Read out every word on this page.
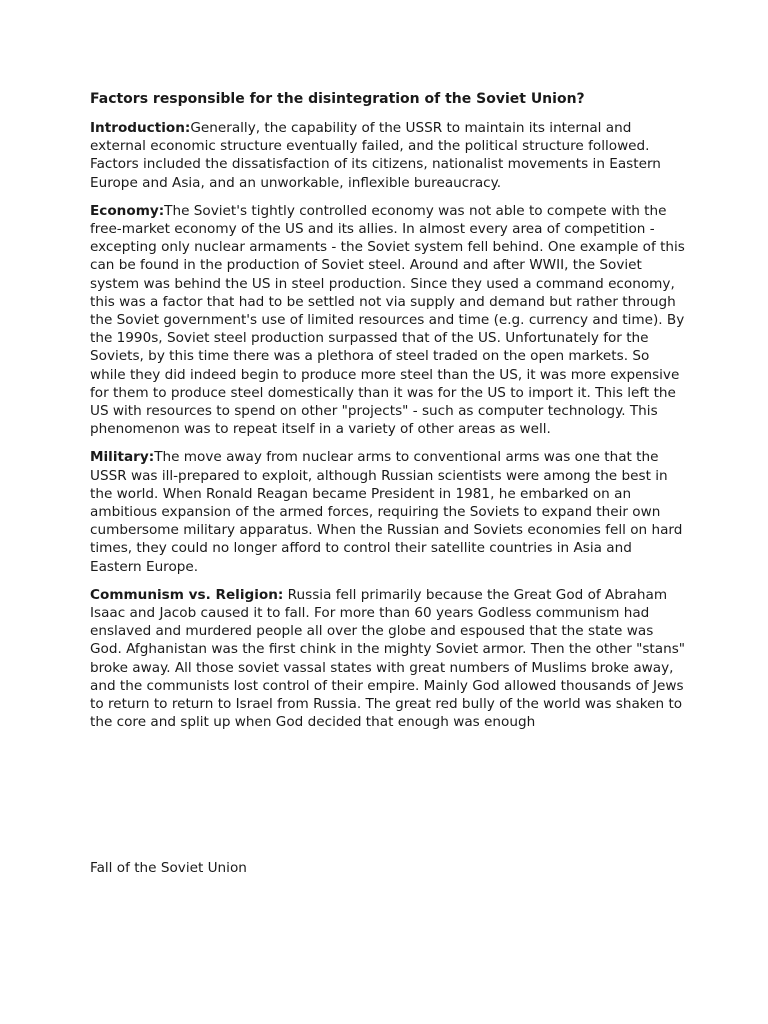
Factors responsible for the disintegration of the Soviet Union?

Introduction:Generally, the capability of the USSR to maintain its internal and external economic structure eventually failed, and the political structure followed. Factors included the dissatisfaction of its citizens, nationalist movements in Eastern Europe and Asia, and an unworkable, inflexible bureaucracy.

Economy:The Soviet's tightly controlled economy was not able to compete with the free-market economy of the US and its allies. In almost every area of competition - excepting only nuclear armaments - the Soviet system fell behind. One example of this can be found in the production of Soviet steel. Around and after WWII, the Soviet system was behind the US in steel production. Since they used a command economy, this was a factor that had to be settled not via supply and demand but rather through the Soviet government's use of limited resources and time (e.g. currency and time). By the 1990s, Soviet steel production surpassed that of the US. Unfortunately for the Soviets, by this time there was a plethora of steel traded on the open markets. So while they did indeed begin to produce more steel than the US, it was more expensive for them to produce steel domestically than it was for the US to import it. This left the US with resources to spend on other "projects" - such as computer technology. This phenomenon was to repeat itself in a variety of other areas as well.

Military:The move away from nuclear arms to conventional arms was one that the USSR was ill-prepared to exploit, although Russian scientists were among the best in the world. When Ronald Reagan became President in 1981, he embarked on an ambitious expansion of the armed forces, requiring the Soviets to expand their own cumbersome military apparatus. When the Russian and Soviets economies fell on hard times, they could no longer afford to control their satellite countries in Asia and Eastern Europe.

Communism vs. Religion: Russia fell primarily because the Great God of Abraham Isaac and Jacob caused it to fall. For more than 60 years Godless communism had enslaved and murdered people all over the globe and espoused that the state was God. Afghanistan was the first chink in the mighty Soviet armor. Then the other "stans" broke away. All those soviet vassal states with great numbers of Muslims broke away, and the communists lost control of their empire. Mainly God allowed thousands of Jews to return to return to Israel from Russia. The great red bully of the world was shaken to the core and split up when God decided that enough was enough

Fall of the Soviet Union
